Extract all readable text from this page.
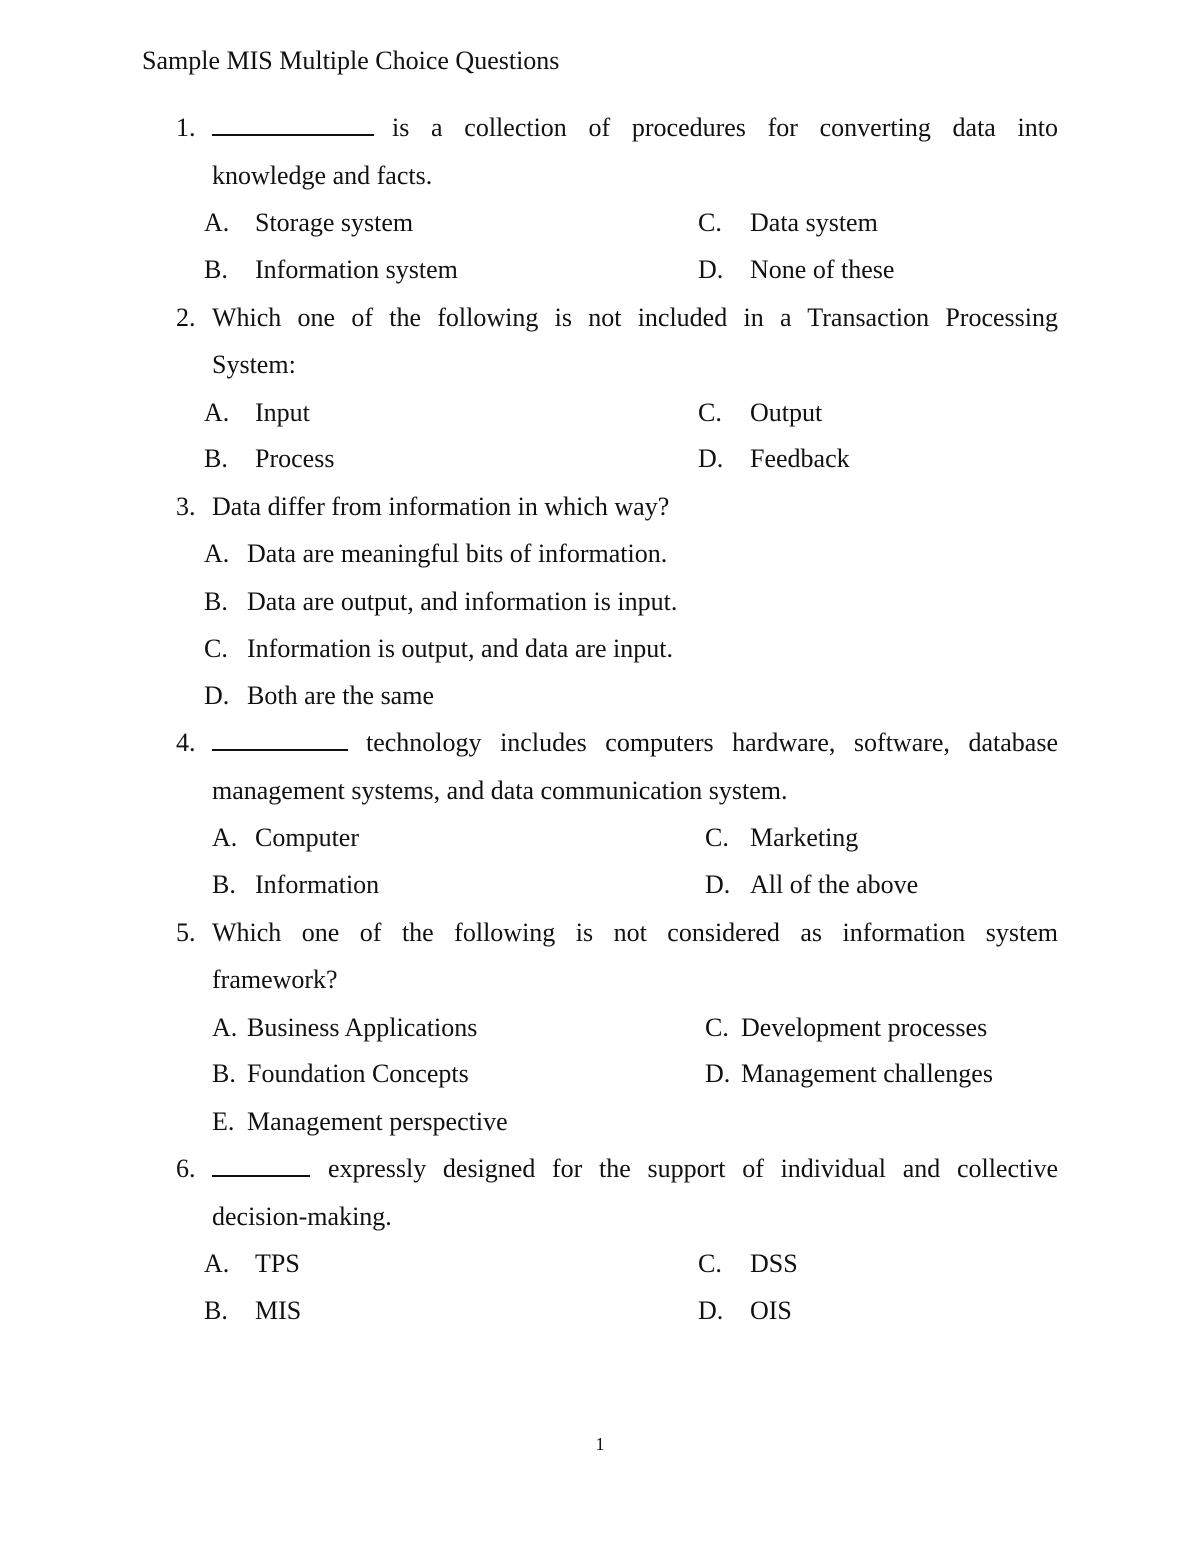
Sample MIS Multiple Choice Questions
1.	is a collection of procedures for converting data into
knowledge and facts.
A. Storage system
B. Information system
C. Data system
D. None of these
2. Which one of the following is not included in a Transaction Processing
System:
A. Input
B. Process
C. Output
D. Feedback
3. Data differ from information in which way?
A. Data are meaningful bits of information.
B. Data are output, and information is input.
C. Information is output, and data are input.
D. Both are the same
4.	technology includes computers hardware, software, database
management systems, and data communication system.
A. Computer
B. Information
C. Marketing
D. All of the above
5. Which one of the following is not considered as information system
framework?
A. Business Applications
B. Foundation Concepts
C. Development processes
D. Management challenges
E. Management perspective
6.	expressly designed for the support of individual and collective
decision-making.
A. TPS
B. MIS
C. DSS
D. OIS
1
